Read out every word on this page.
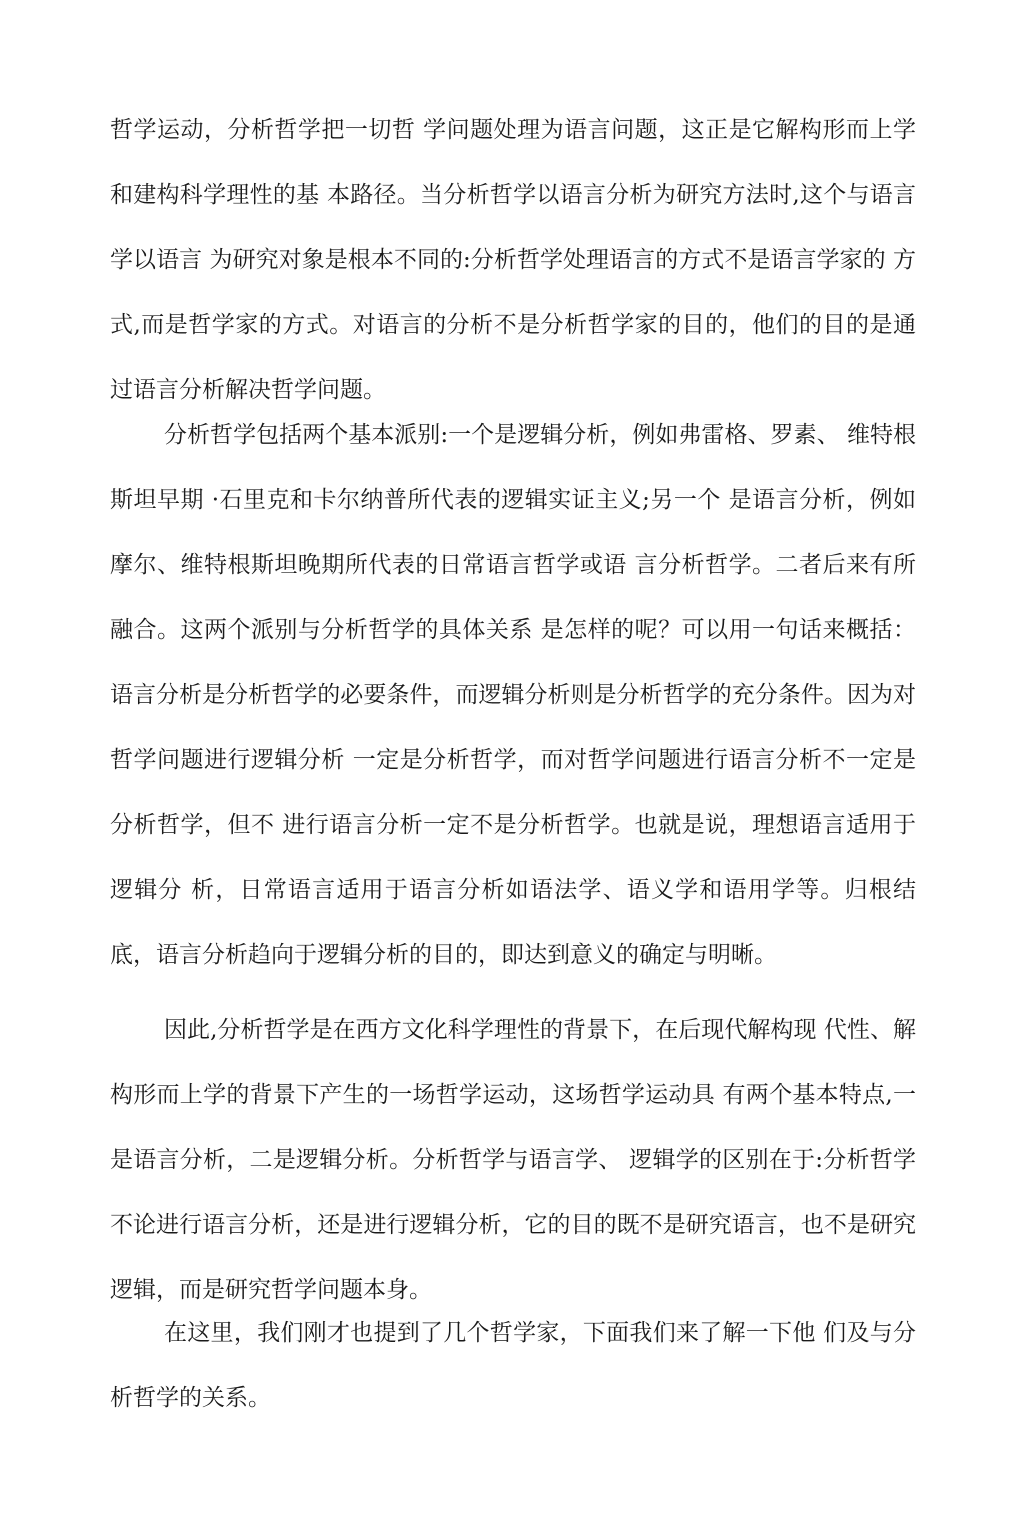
哲学运动，分析哲学把一切哲 学问题处理为语言问题，这正是它解构形而上学和建构科学理性的基 本路径。当分析哲学以语言分析为研究方法时,这个与语言学以语言 为研究对象是根本不同的:分析哲学处理语言的方式不是语言学家的 方式,而是哲学家的方式。对语言的分析不是分析哲学家的目的，他们的目的是通过语言分析解决哲学问题。

分析哲学包括两个基本派别:一个是逻辑分析，例如弗雷格、罗素、 维特根斯坦早期 ·石里克和卡尔纳普所代表的逻辑实证主义;另一个 是语言分析，例如摩尔、维特根斯坦晚期所代表的日常语言哲学或语 言分析哲学。二者后来有所融合。这两个派别与分析哲学的具体关系 是怎样的呢？可以用一句话来概括：语言分析是分析哲学的必要条件，而逻辑分析则是分析哲学的充分条件。因为对哲学问题进行逻辑分析 一定是分析哲学，而对哲学问题进行语言分析不一定是分析哲学，但不 进行语言分析一定不是分析哲学。也就是说，理想语言适用于逻辑分 析，日常语言适用于语言分析如语法学、语义学和语用学等。归根结 底，语言分析趋向于逻辑分析的目的，即达到意义的确定与明晰。

因此,分析哲学是在西方文化科学理性的背景下，在后现代解构现 代性、解构形而上学的背景下产生的一场哲学运动，这场哲学运动具 有两个基本特点,一是语言分析，二是逻辑分析。分析哲学与语言学、 逻辑学的区别在于:分析哲学不论进行语言分析，还是进行逻辑分析，它的目的既不是研究语言，也不是研究逻辑，而是研究哲学问题本身。

在这里，我们刚才也提到了几个哲学家，下面我们来了解一下他 们及与分析哲学的关系。
